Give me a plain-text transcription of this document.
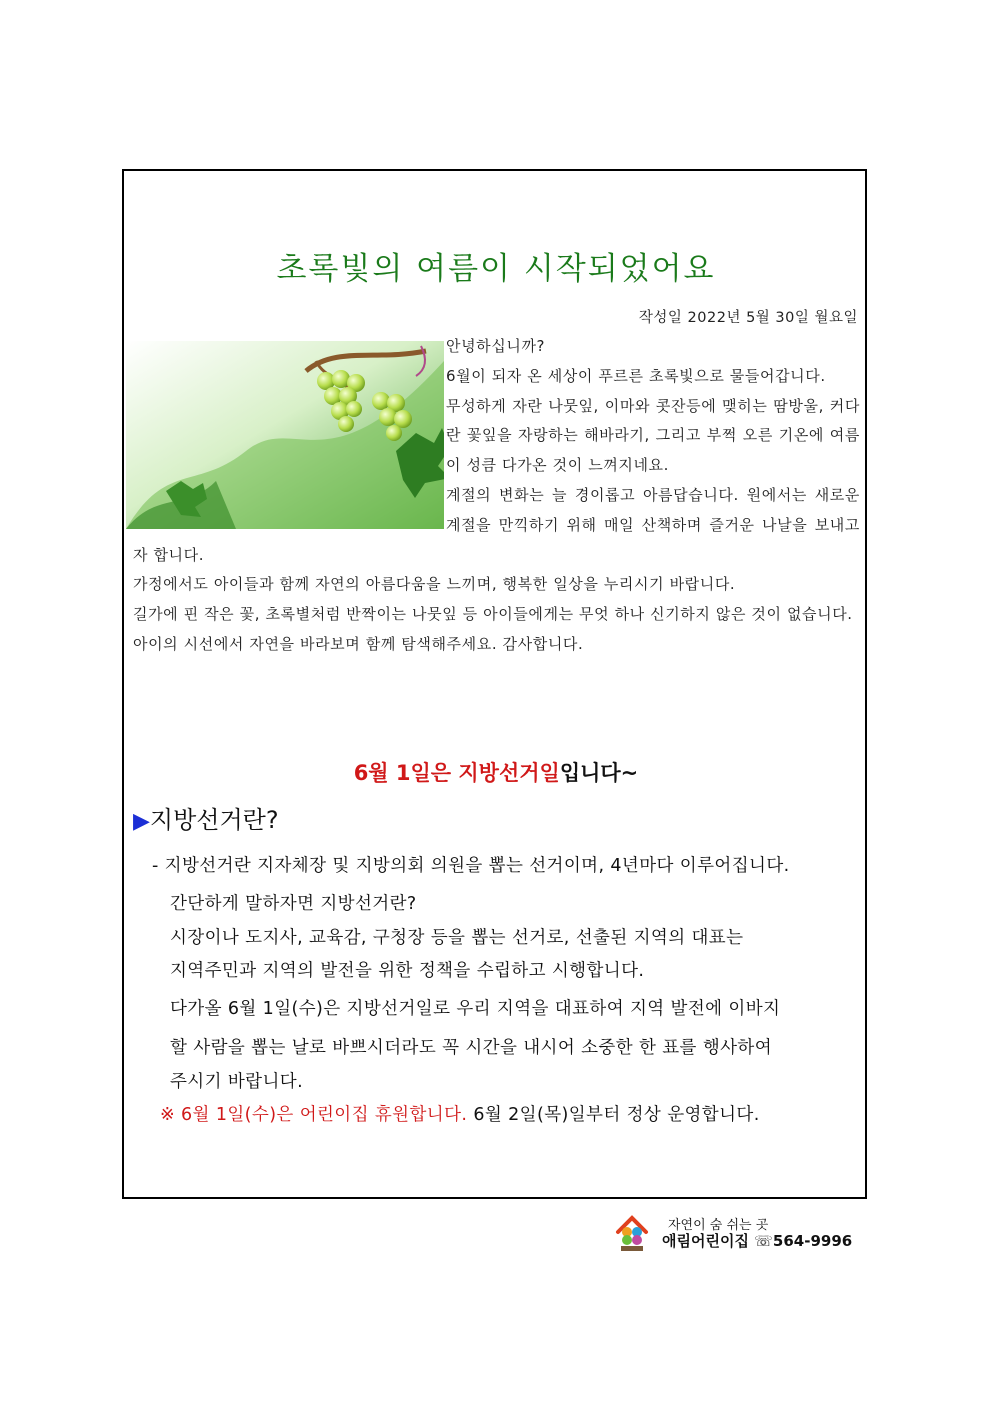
초록빛의 여름이 시작되었어요
작성일 2022년 5월 30일 월요일

안녕하십니까?

6월이 되자 온 세상이 푸르른 초록빛으로 물들어갑니다.

무성하게 자란 나뭇잎, 이마와 콧잔등에 맺히는 땀방울, 커다란 꽃잎을 자랑하는 해바라기, 그리고 부쩍 오른 기온에 여름이 성큼 다가온 것이 느껴지네요.

계절의 변화는 늘 경이롭고 아름답습니다. 원에서는 새로운 계절을 만끽하기 위해 매일 산책하며 즐거운 나날을 보내고자 합니다.

가정에서도 아이들과 함께 자연의 아름다움을 느끼며, 행복한 일상을 누리시기 바랍니다.

길가에 핀 작은 꽃, 초록별처럼 반짝이는 나뭇잎 등 아이들에게는 무엇 하나 신기하지 않은 것이 없습니다.

아이의 시선에서 자연을 바라보며 함께 탐색해주세요. 감사합니다.

6월 1일은 지방선거일입니다~
▶지방선거란?
- 지방선거란 지자체장 및 지방의회 의원을 뽑는 선거이며, 4년마다 이루어집니다.
간단하게 말하자면 지방선거란?
시장이나 도지사, 교육감, 구청장 등을 뽑는 선거로, 선출된 지역의 대표는
지역주민과 지역의 발전을 위한 정책을 수립하고 시행합니다.
다가올 6월 1일(수)은 지방선거일로 우리 지역을 대표하여 지역 발전에 이바지
할 사람을 뽑는 날로 바쁘시더라도 꼭 시간을 내시어 소중한 한 표를 행사하여
주시기 바랍니다.
※ 6월 1일(수)은 어린이집 휴원합니다. 6월 2일(목)일부터 정상 운영합니다.
자연이 숨 쉬는 곳
애림어린이집 ☏564-9996
